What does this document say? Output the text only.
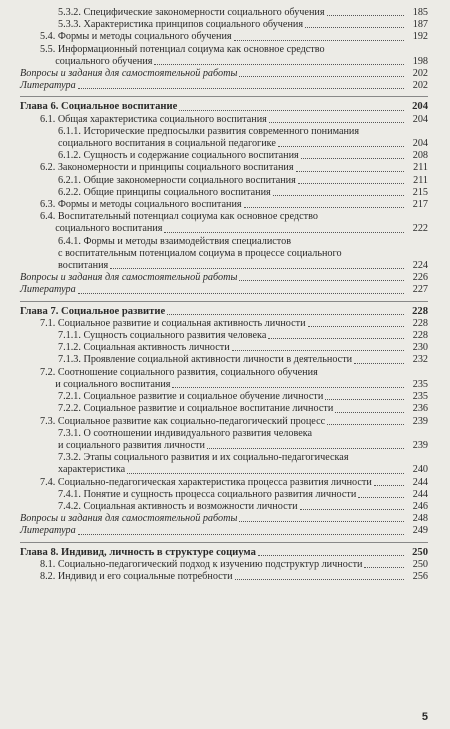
5.3.2. Специфические закономерности социального обучения	185
5.3.3. Характеристика принципов социального обучения	187
5.4. Формы и методы социального обучения	192
5.5. Информационный потенциал социума как основное средство
социального обучения	198
Вопросы и задания для самостоятельной работы	202
Литература	202
Глава 6. Социальное воспитание	204
6.1. Общая характеристика социального воспитания	204
6.1.1. Исторические предпосылки развития современного понимания
социального воспитания в социальной педагогике	204
6.1.2. Сущность и содержание социального воспитания	208
6.2. Закономерности и принципы социального воспитания	211
6.2.1. Общие закономерности социального воспитания	211
6.2.2. Общие принципы социального воспитания	215
6.3. Формы и методы социального воспитания	217
6.4. Воспитательный потенциал социума как основное средство
социального воспитания	222
6.4.1. Формы и методы взаимодействия специалистов
с воспитательным потенциалом социума в процессе социального
воспитания	224
Вопросы и задания для самостоятельной работы	226
Литература	227
Глава 7. Социальное развитие	228
7.1. Социальное развитие и социальная активность личности	228
7.1.1. Сущность социального развития человека	228
7.1.2. Социальная активность личности	230
7.1.3. Проявление социальной активности личности в деятельности	232
7.2. Соотношение социального развития, социального обучения
и социального воспитания	235
7.2.1. Социальное развитие и социальное обучение личности	235
7.2.2. Социальное развитие и социальное воспитание личности	236
7.3. Социальное развитие как социально-педагогический процесс	239
7.3.1. О соотношении индивидуального развития человека
и социального развития личности	239
7.3.2. Этапы социального развития и их социально-педагогическая
характеристика	240
7.4. Социально-педагогическая характеристика процесса развития личности	244
7.4.1. Понятие и сущность процесса социального развития личности	244
7.4.2. Социальная активность и возможности личности	246
Вопросы и задания для самостоятельной работы	248
Литература	249
Глава 8. Индивид, личность в структуре социума	250
8.1. Социально-педагогический подход к изучению подструктур личности	250
8.2. Индивид и его социальные потребности	256
5
